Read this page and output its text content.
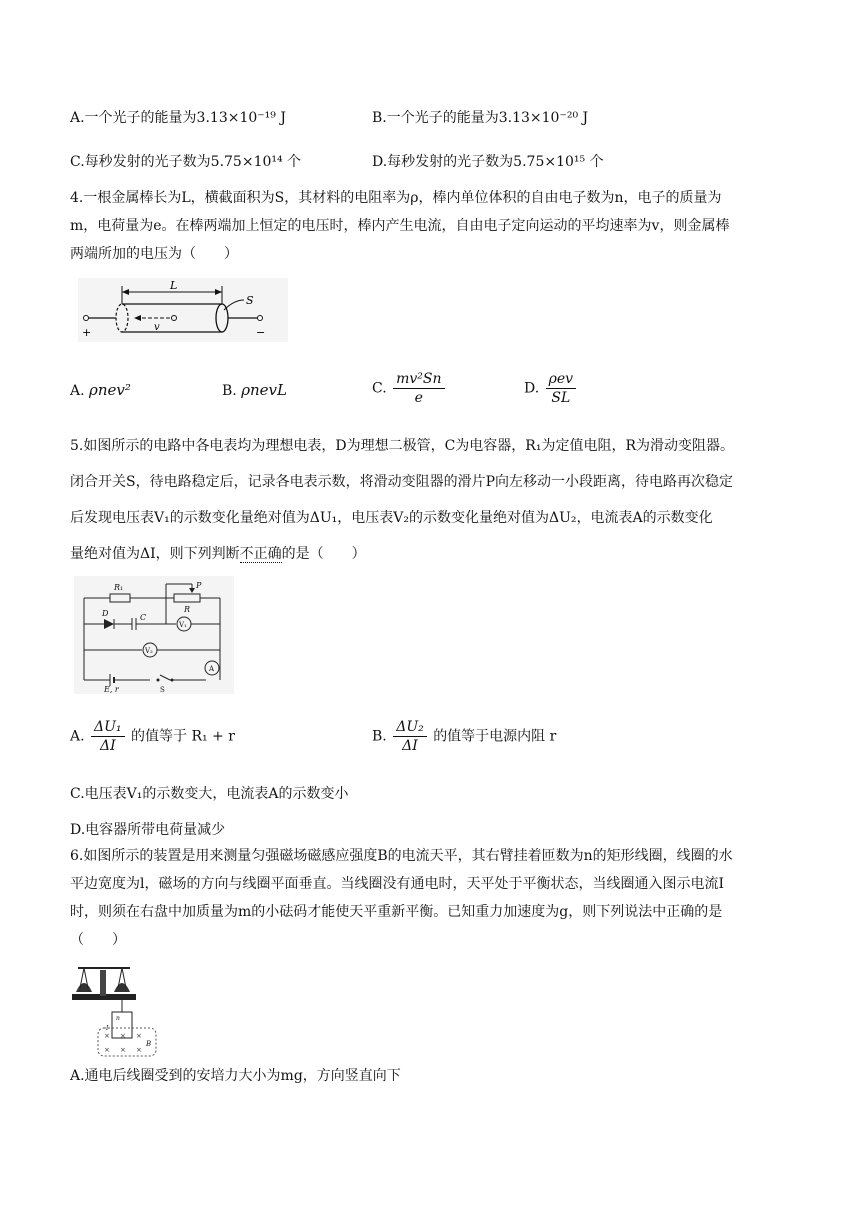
A.一个光子的能量为3.13×10⁻¹⁹ J	B.一个光子的能量为3.13×10⁻²⁰ J
C.每秒发射的光子数为5.75×10¹⁴ 个	D.每秒发射的光子数为5.75×10¹⁵ 个
4.一根金属棒长为L，横截面积为S，其材料的电阻率为ρ，棒内单位体积的自由电子数为n，电子的质量为
m，电荷量为e。在棒两端加上恒定的电压时，棒内产生电流，自由电子定向运动的平均速率为v，则金属棒
两端所加的电压为（　　）
L
v
+	−
S
A. ρnev²	B. ρnevL	C. $\frac{\text{mv²Sn}}{e}$	D. $\frac{\text{ρev}}{SL}$
5.如图所示的电路中各电表均为理想电表，D为理想二极管，C为电容器，R₁为定值电阻，R为滑动变阻器。
闭合开关S，待电路稳定后，记录各电表示数，将滑动变阻器的滑片P向左移动一小段距离，待电路再次稳定
后发现电压表V₁的示数变化量绝对值为ΔU₁，电压表V₂的示数变化量绝对值为ΔU₂，电流表A的示数变化
量绝对值为ΔI，则下列判断不正确的是（　　）
R₁	P
R
D	C
E, r
V₁
V₂
A
S
A. $\frac{\text{ΔU₁}}{\Delta I}$ 的值等于 R₁ + r	B. $\frac{\text{ΔU₂}}{\Delta I}$ 的值等于电源内阻 r
C.电压表V₁的示数变大，电流表A的示数变小
D.电容器所带电荷量减少
6.如图所示的装置是用来测量匀强磁场磁感应强度B的电流天平，其右臂挂着匝数为n的矩形线圈，线圈的水
平边宽度为l，磁场的方向与线圈平面垂直。当线圈没有通电时，天平处于平衡状态，当线圈通入图示电流I
时，则须在右盘中加质量为m的小砝码才能使天平重新平衡。已知重力加速度为g，则下列说法中正确的是
（　　）
n
I
× × ×
× × ×
B
A.通电后线圈受到的安培力大小为mg，方向竖直向下
